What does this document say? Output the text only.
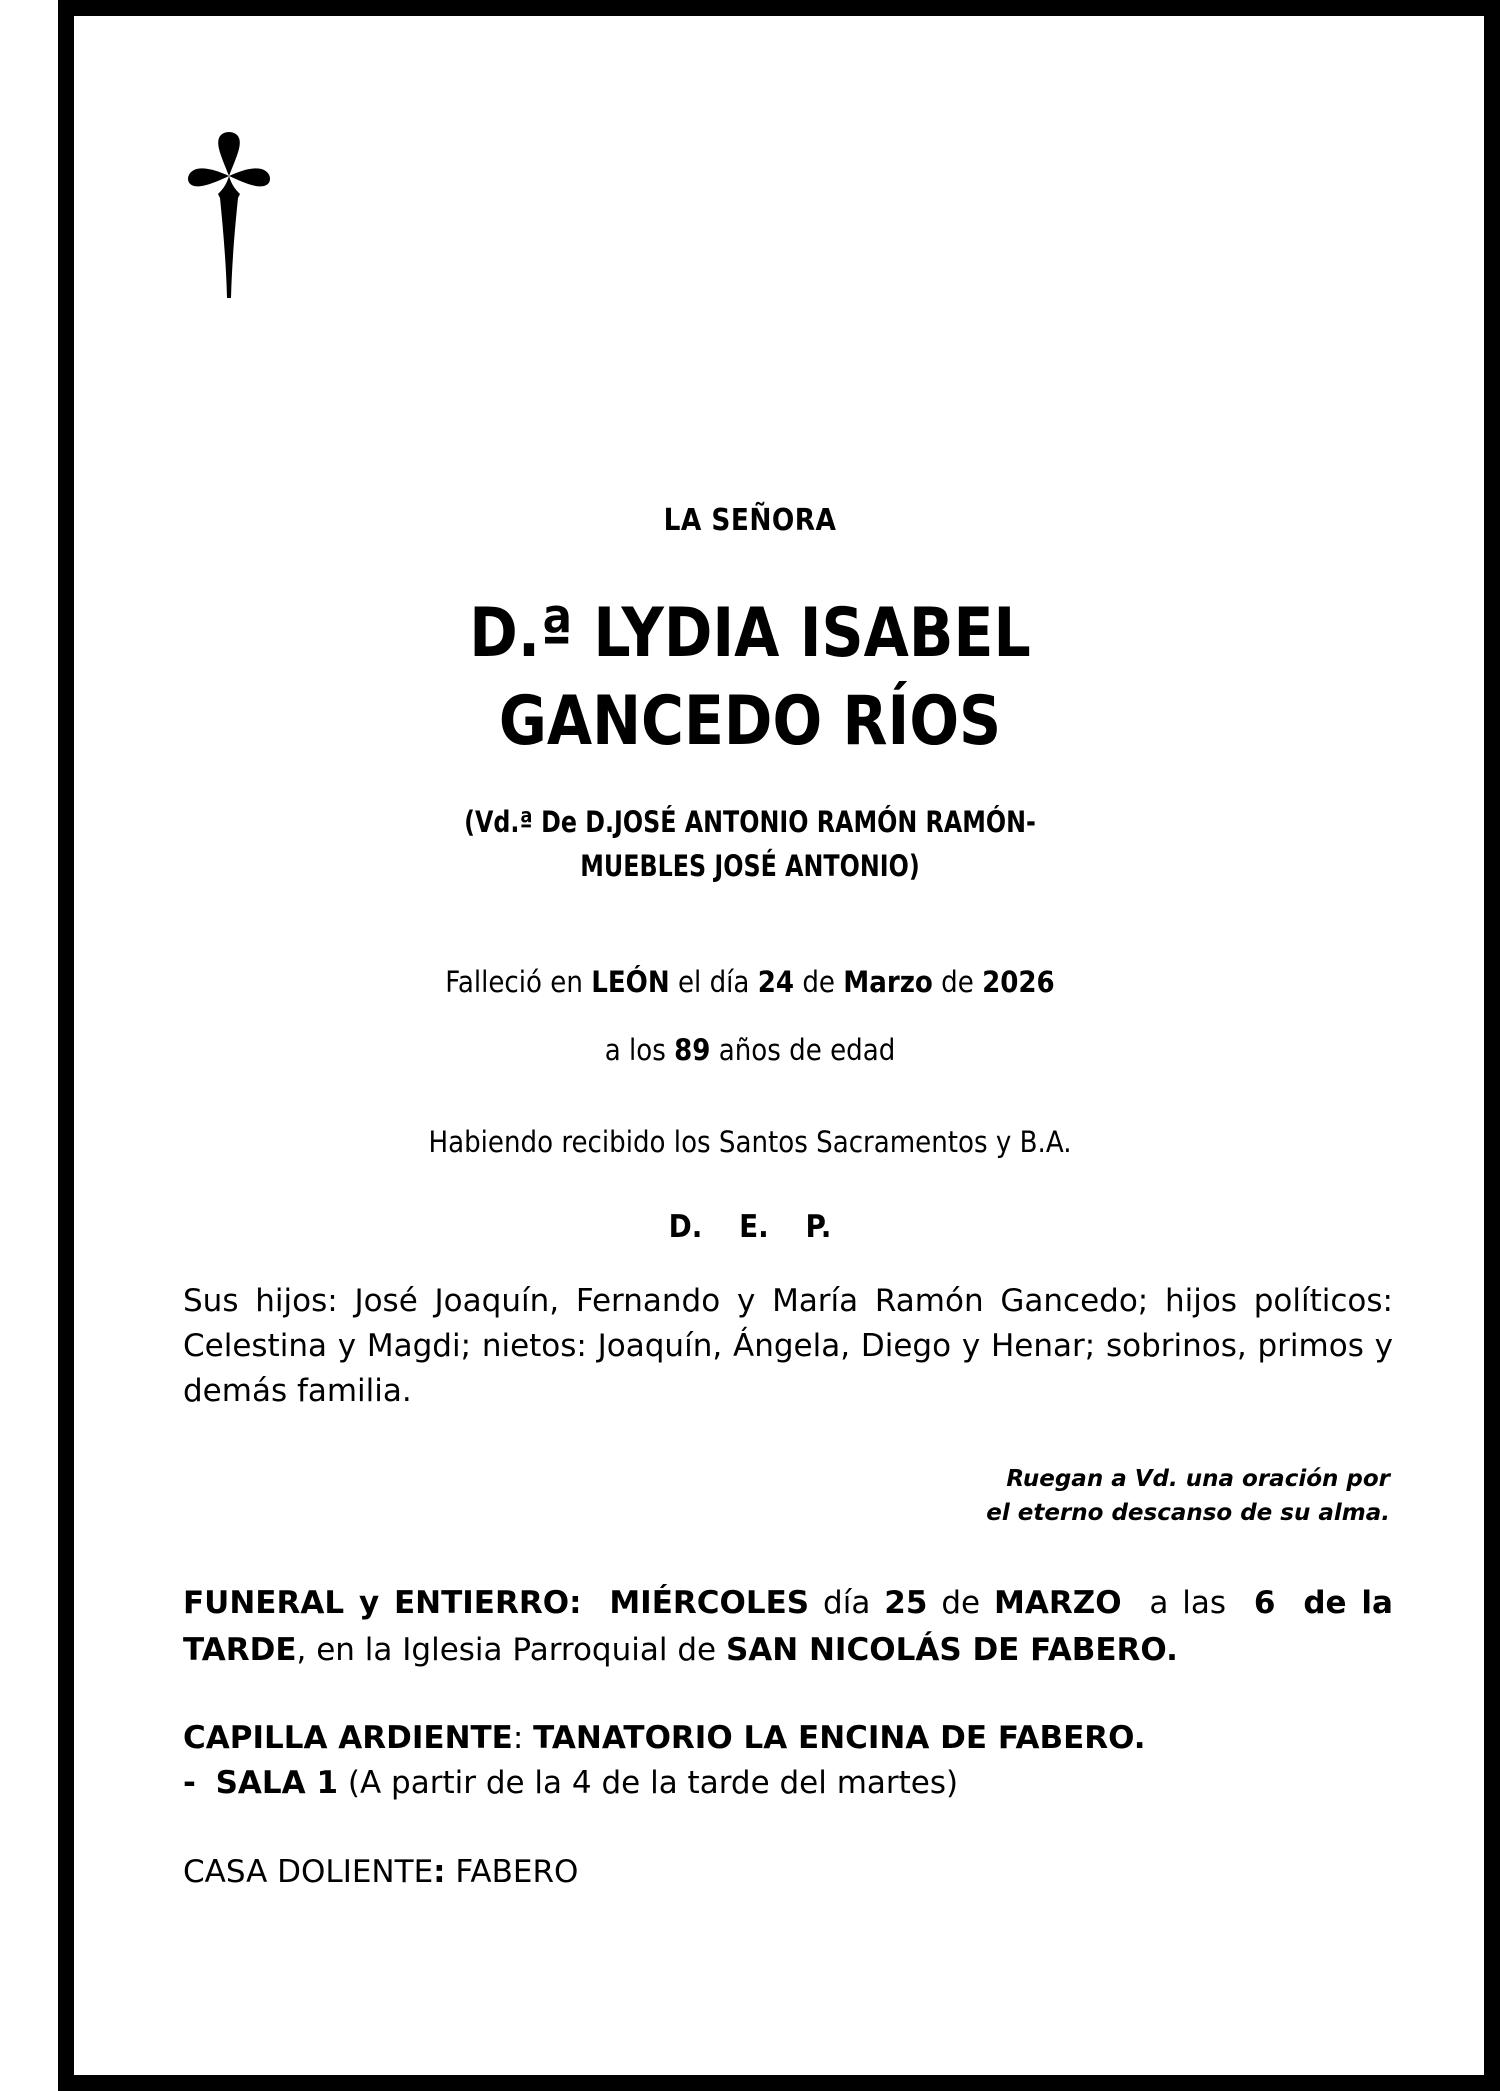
LA SEÑORA
D.ª LYDIA ISABEL
GANCEDO RÍOS
(Vd.ª De D.JOSÉ ANTONIO RAMÓN RAMÓN-
MUEBLES JOSÉ ANTONIO)
Falleció en LEÓN el día 24 de Marzo de 2026
a los 89 años de edad
Habiendo recibido los Santos Sacramentos y B.A.
D. E. P.
Sus hijos: José Joaquín, Fernando y María Ramón Gancedo; hijos políticos: Celestina y Magdi; nietos: Joaquín, Ángela, Diego y Henar; sobrinos, primos y demás familia.
Ruegan a Vd. una oración por
el eterno descanso de su alma.
FUNERAL y ENTIERRO: MIÉRCOLES día 25 de MARZO a las 6 de la TARDE, en la Iglesia Parroquial de SAN NICOLÁS DE FABERO.
CAPILLA ARDIENTE: TANATORIO LA ENCINA DE FABERO.
- SALA 1 (A partir de la 4 de la tarde del martes)
CASA DOLIENTE: FABERO
